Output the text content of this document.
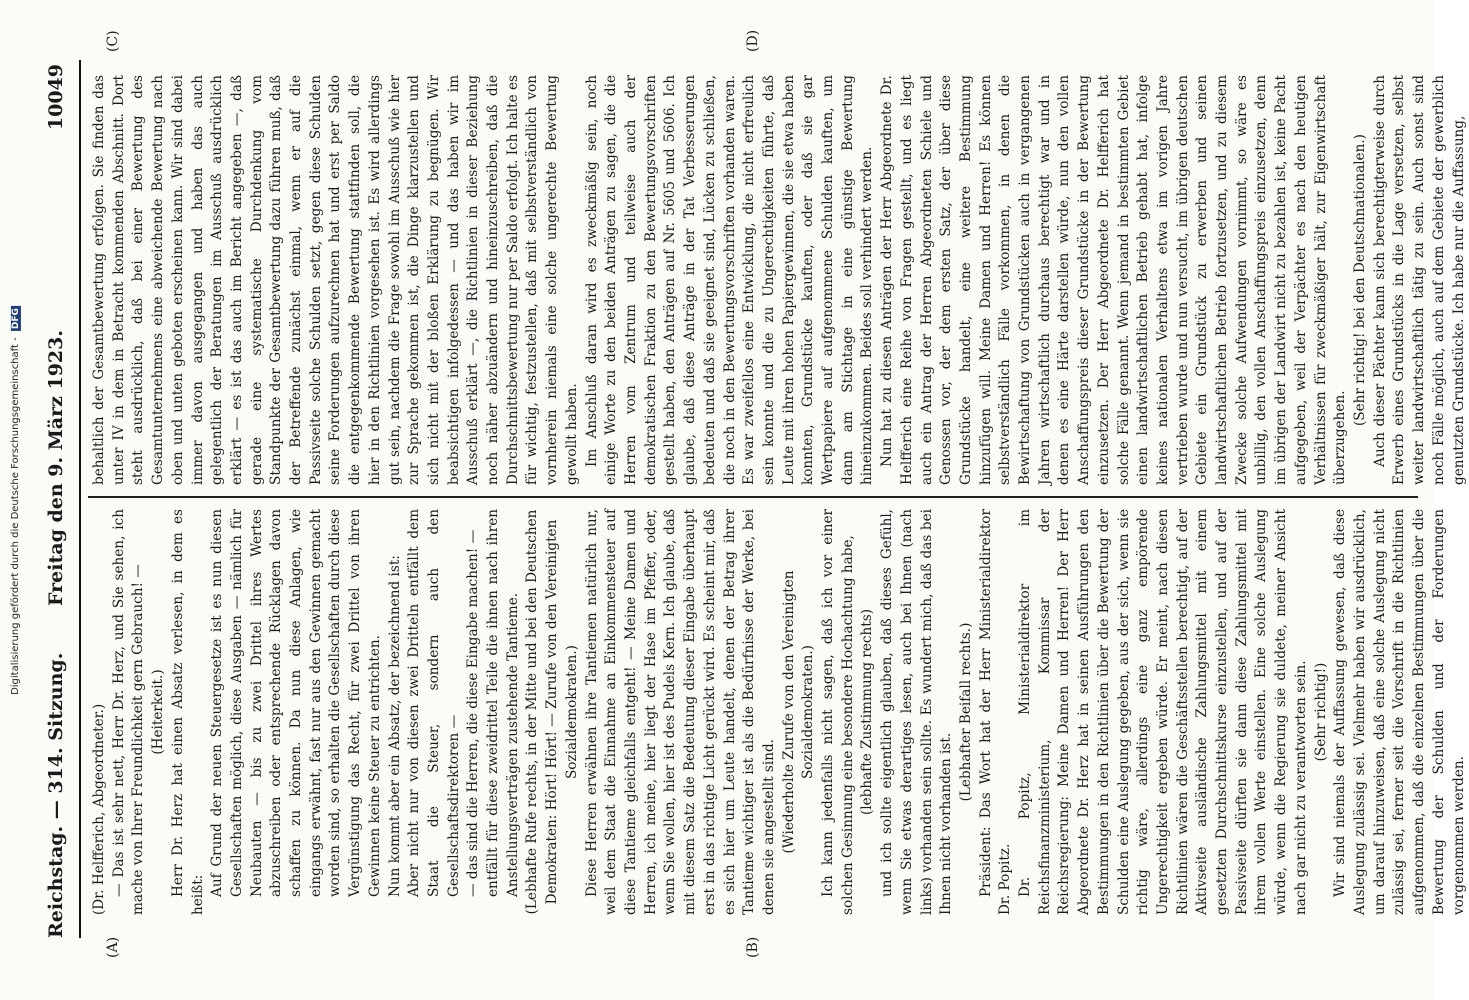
Reichstag. — 314. Sitzung.
Freitag den 9. März 1923.
10049
(A)	(B)
(C)	(D)

(Dr. Helfferich, Abgeordneter.) — Das ist sehr nett, Herr Dr. Herz, und Sie sehen, ich mache von Ihrer Freundlichkeit gern Gebrauch! — (Heiterkeit.) Herr Dr. Herz hat einen Absatz verlesen, in dem es heißt: Auf Grund der neuen Steuergesetze ist es nun diesen Gesellschaften möglich, diese Ausgaben — nämlich für Neubauten — bis zu zwei Drittel ihres Wertes abzuschreiben oder entsprechende Rücklagen davon schaffen zu können. Da nun diese Anlagen, wie eingangs erwähnt, fast nur aus den Gewinnen gemacht worden sind, so erhalten die Gesellschaften durch diese Vergünstigung das Recht, für zwei Drittel von ihren Gewinnen keine Steuer zu entrichten. Nun kommt aber ein Absatz, der bezeichnend ist: Aber nicht nur von diesen zwei Dritteln entfällt dem Staat die Steuer, sondern auch den Gesellschaftsdirektoren — — das sind die Herren, die diese Eingabe machen! — entfällt für diese zweidrittel Teile die ihnen nach ihren Anstellungsverträgen zustehende Tantieme. (Lebhafte Rufe rechts, in der Mitte und bei den Deutschen Demokraten: Hört! Hört! — Zurufe von den Vereinigten Sozialdemokraten.) Diese Herren erwähnen ihre Tantiemen natürlich nur, weil dem Staat die Einnahme an Einkommensteuer auf diese Tantieme gleichfalls entgeht! — Meine Damen und Herren, ich meine, hier liegt der Hase im Pfeffer, oder, wenn Sie wollen, hier ist des Pudels Kern. Ich glaube, daß mit diesem Satz die Bedeutung dieser Eingabe überhaupt erst in das richtige Licht gerückt wird. Es scheint mir, daß es sich hier um Leute handelt, denen der Betrag ihrer Tantieme wichtiger ist als die Bedürfnisse der Werke, bei denen sie angestellt sind. (Wiederholte Zurufe von den Vereinigten Sozialdemokraten.) Ich kann jedenfalls nicht sagen, daß ich vor einer solchen Gesinnung eine besondere Hochachtung habe, (lebhafte Zustimmung rechts) und ich sollte eigentlich glauben, daß dieses Gefühl, wenn Sie etwas derartiges lesen, auch bei Ihnen (nach links) vorhanden sein sollte. Es wundert mich, daß das bei Ihnen nicht vorhanden ist.

(Lebhafter Beifall rechts.) Präsident: Das Wort hat der Herr Ministerialdirektor Dr. Popitz. Dr. Popitz, Ministerialdirektor im Reichsfinanzministerium, Kommissar der Reichsregierung: Meine Damen und Herren! Der Herr Abgeordnete Dr. Herz hat in seinen Ausführungen den Bestimmungen in den Richtlinien über die Bewertung der Schulden eine Auslegung gegeben, aus der sich, wenn sie richtig wäre, allerdings eine ganz empörende Ungerechtigkeit ergeben würde. Er meint, nach diesen Richtlinien wären die Geschäftsstellen berechtigt, auf der Aktivseite ausländische Zahlungsmittel mit einem gesetzten Durchschnittskurse einzustellen, und auf der Passivseite dürften sie dann diese Zahlungsmittel mit ihrem vollen Werte einstellen. Eine solche Auslegung würde, wenn die Regierung sie duldete, meiner Ansicht nach gar nicht zu verantworten sein. (Sehr richtig!) Wir sind niemals der Auffassung gewesen, daß diese Auslegung zulässig sei. Vielmehr haben wir ausdrücklich, um darauf hinzuweisen, daß eine solche Auslegung nicht zulässig sei, ferner seit die Vorschrift in die Richtlinien aufgenommen, daß die einzelnen Bestimmungen über die Bewertung der Schulden und der Forderungen vorgenommen werden.

behaltlich der Gesamtbewertung erfolgen. Sie finden das unter IV in dem in Betracht kommenden Abschnitt. Dort steht ausdrücklich, daß bei einer Bewertung des Gesamtunternehmens eine abweichende Bewertung nach oben und unten geboten erscheinen kann. Wir sind dabei immer davon ausgegangen und haben das auch gelegentlich der Beratungen im Ausschuß ausdrücklich erklärt — es ist das auch im Bericht angegeben —, daß gerade eine systematische Durchdenkung vom Standpunkte der Gesamtbewertung dazu führen muß, daß der Betreffende zunächst einmal, wenn er auf die Passivseite solche Schulden setzt, gegen diese Schulden seine Forderungen aufzurechnen hat und erst per Saldo die entgegenkommende Bewertung stattfinden soll, die hier in den Richtlinien vorgesehen ist. Es wird allerdings gut sein, nachdem die Frage sowohl im Ausschuß wie hier zur Sprache gekommen ist, die Dinge klarzustellen und sich nicht mit der bloßen Erklärung zu begnügen. Wir beabsichtigen infolgedessen — und das haben wir im Ausschuß erklärt —, die Richtlinien in dieser Beziehung noch näher abzuändern und hineinzuschreiben, daß die Durchschnittsbewertung nur per Saldo erfolgt. Ich halte es für wichtig, festzustellen, daß mit selbstverständlich von vornherein niemals eine solche ungerechte Bewertung gewollt haben. Im Anschluß daran wird es zweckmäßig sein, noch einige Worte zu den beiden Anträgen zu sagen, die die Herren vom Zentrum und teilweise auch der demokratischen Fraktion zu den Bewertungsvorschriften gestellt haben, den Anträgen auf Nr. 5605 und 5606. Ich glaube, daß diese Anträge in der Tat Verbesserungen bedeuten und daß sie geeignet sind, Lücken zu schließen, die noch in den Bewertungsvorschriften vorhanden waren. Es war zweifellos eine Entwicklung, die nicht erfreulich sein konnte und die zu Ungerechtigkeiten führte, daß Leute mit ihren hohen Papiergewinnen, die sie etwa haben konnten, Grundstücke kauften, oder daß sie gar Wertpapiere auf aufgenommene Schulden kauften, um dann am Stichtage in eine günstige Bewertung hineinzukommen. Beides soll verhindert werden. Nun hat zu diesen Anträgen der Herr Abgeordnete Dr. Helfferich eine Reihe von Fragen gestellt, und es liegt auch ein Antrag der Herren Abgeordneten Schiele und Genossen vor, der dem ersten Satz, der über diese Grundstücke handelt, eine weitere Bestimmung hinzufügen will. Meine Damen und Herren! Es können selbstverständlich Fälle vorkommen, in denen die Bewirtschaftung von Grundstücken auch in vergangenen Jahren wirtschaftlich durchaus berechtigt war und in denen es eine Härte darstellen würde, nun den vollen Anschaffungspreis dieser Grundstücke in der Bewertung einzusetzen. Der Herr Abgeordnete Dr. Helfferich hat solche Fälle genannt. Wenn jemand in bestimmten Gebiet einen landwirtschaftlichen Betrieb gehabt hat, infolge keines nationalen Verhaltens etwa im vorigen Jahre vertrieben wurde und nun versucht, im übrigen deutschen Gebiete ein Grundstück zu erwerben und seinen landwirtschaftlichen Betrieb fortzusetzen, und zu diesem Zwecke solche Aufwendungen vornimmt, so wäre es unbillig, den vollen Anschaffungspreis einzusetzen, denn im übrigen der Landwirt nicht zu bezahlen ist, keine Pacht aufgegeben, weil der Verpächter es nach den heutigen Verhältnissen für zweckmäßiger hält, zur Eigenwirtschaft überzugehen.

(Sehr richtig! bei den Deutschnationalen.) Auch dieser Pächter kann sich berechtigterweise durch Erwerb eines Grundstücks in die Lage versetzen, selbst weiter landwirtschaftlich tätig zu sein. Auch sonst sind noch Fälle möglich, auch auf dem Gebiete der gewerblich genutzten Grundstücke. Ich habe nur die Auffassung,

Digitalisierung gefördert durch die Deutsche Forschungsgemeinschaft - DFG
